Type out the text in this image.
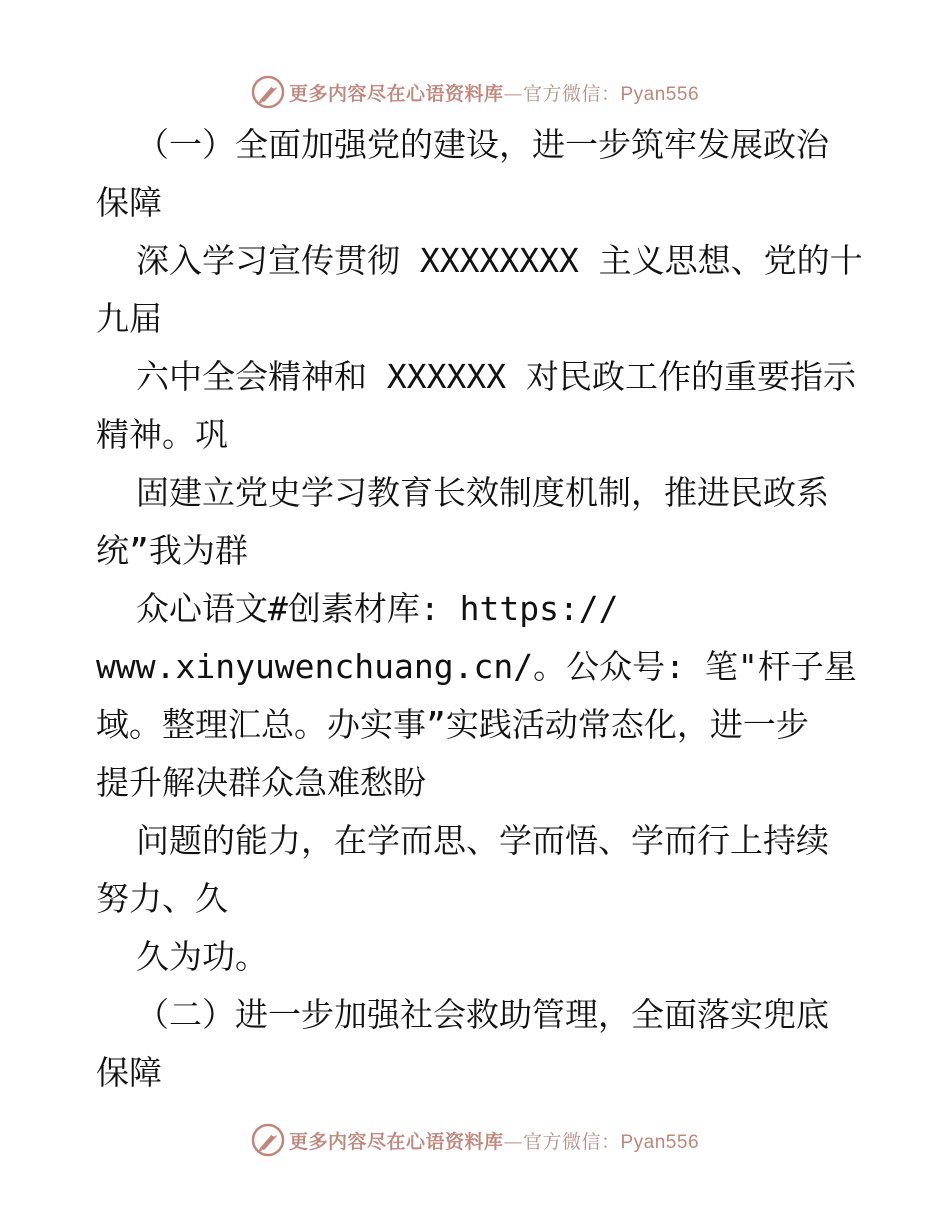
更多内容尽在心语资料库—官方微信：Pyan556
（一）全面加强党的建设，进一步筑牢发展政治
保障
深入学习宣传贯彻 XXXXXXXX 主义思想、党的十
九届
六中全会精神和 XXXXXX 对民政工作的重要指示
精神。巩
固建立党史学习教育长效制度机制，推进民政系
统”我为群
众心语文#创素材库: https://
www.xinyuwenchuang.cn/。公众号: 笔"杆子星
域。整理汇总。办实事”实践活动常态化，进一步
提升解决群众急难愁盼
问题的能力，在学而思、学而悟、学而行上持续
努力、久
久为功。
（二）进一步加强社会救助管理，全面落实兜底
保障
更多内容尽在心语资料库—官方微信：Pyan556
